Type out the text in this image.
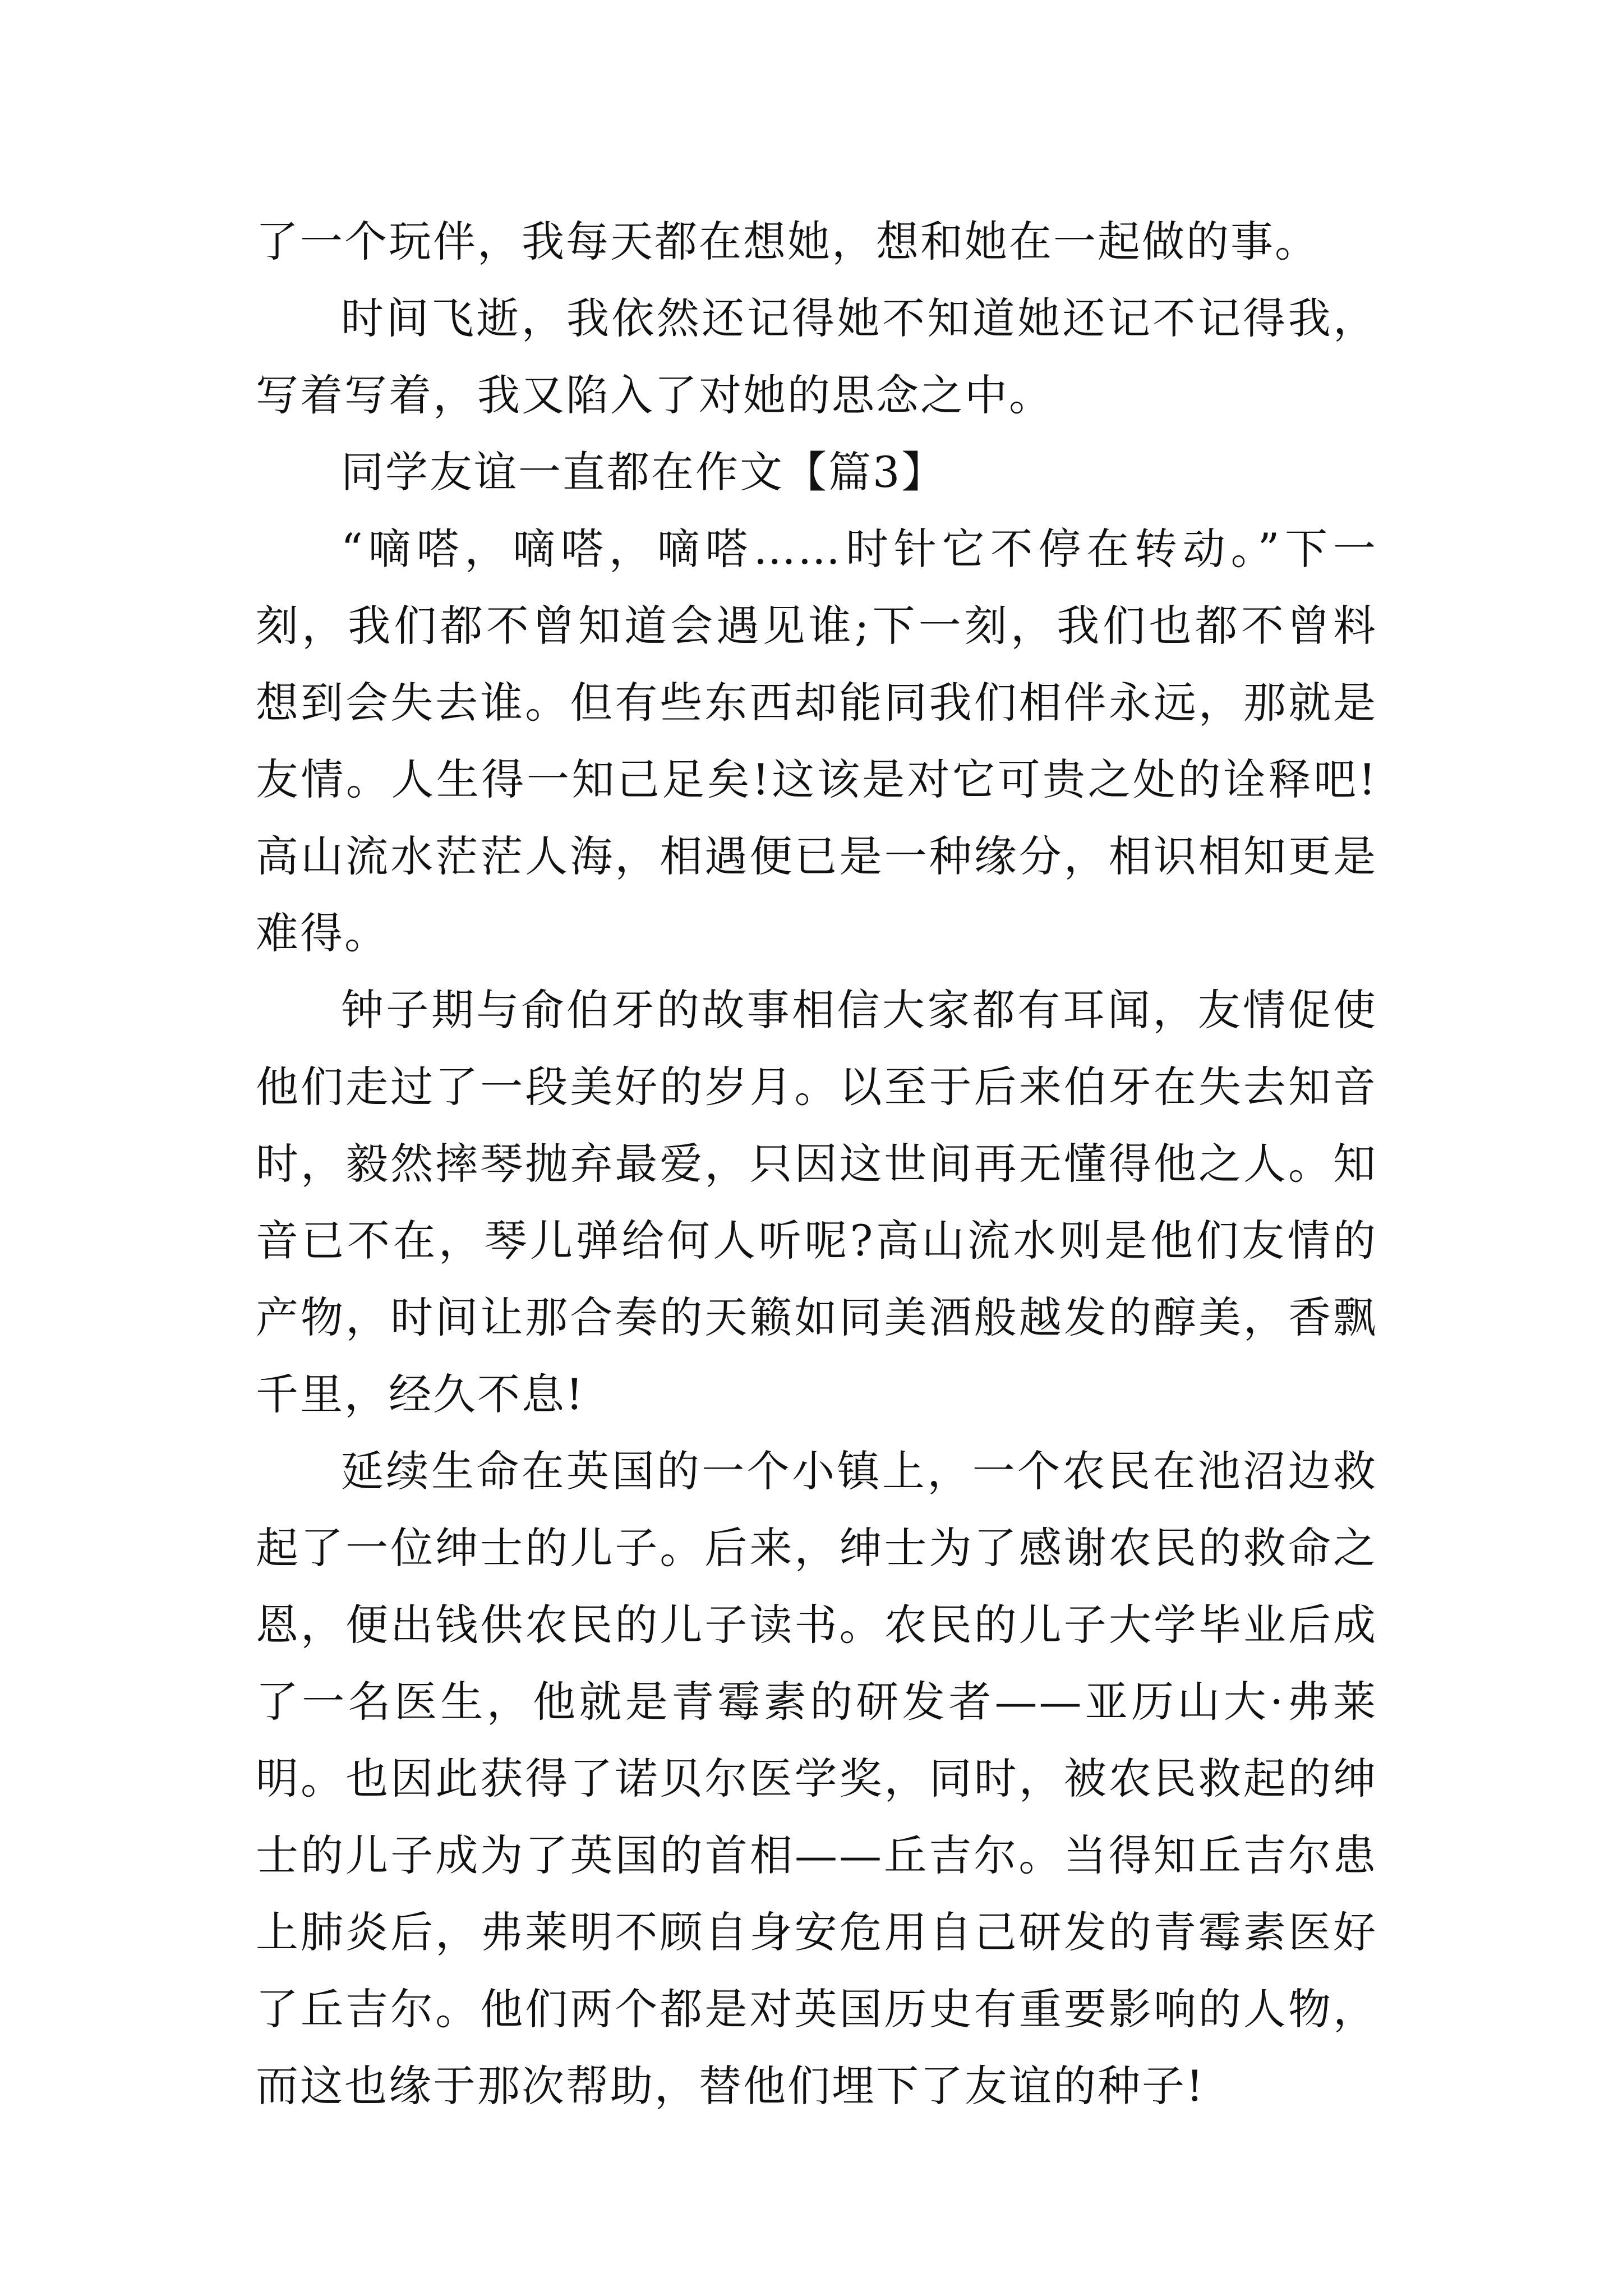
了一个玩伴，我每天都在想她，想和她在一起做的事。

时间飞逝，我依然还记得她不知道她还记不记得我，写着写着，我又陷入了对她的思念之中。

同学友谊一直都在作文【篇3】

“嘀嗒，嘀嗒，嘀嗒……时针它不停在转动。”下一刻，我们都不曾知道会遇见谁;下一刻，我们也都不曾料想到会失去谁。但有些东西却能同我们相伴永远，那就是友情。人生得一知己足矣!这该是对它可贵之处的诠释吧!高山流水茫茫人海，相遇便已是一种缘分，相识相知更是难得。

钟子期与俞伯牙的故事相信大家都有耳闻，友情促使他们走过了一段美好的岁月。以至于后来伯牙在失去知音时，毅然摔琴抛弃最爱，只因这世间再无懂得他之人。知音已不在，琴儿弹给何人听呢?高山流水则是他们友情的产物，时间让那合奏的天籁如同美酒般越发的醇美，香飘千里，经久不息!

延续生命在英国的一个小镇上，一个农民在池沼边救起了一位绅士的儿子。后来，绅士为了感谢农民的救命之恩，便出钱供农民的儿子读书。农民的儿子大学毕业后成了一名医生，他就是青霉素的研发者——亚历山大·弗莱明。也因此获得了诺贝尔医学奖，同时，被农民救起的绅士的儿子成为了英国的首相——丘吉尔。当得知丘吉尔患上肺炎后，弗莱明不顾自身安危用自己研发的青霉素医好了丘吉尔。他们两个都是对英国历史有重要影响的人物，而这也缘于那次帮助，替他们埋下了友谊的种子!
